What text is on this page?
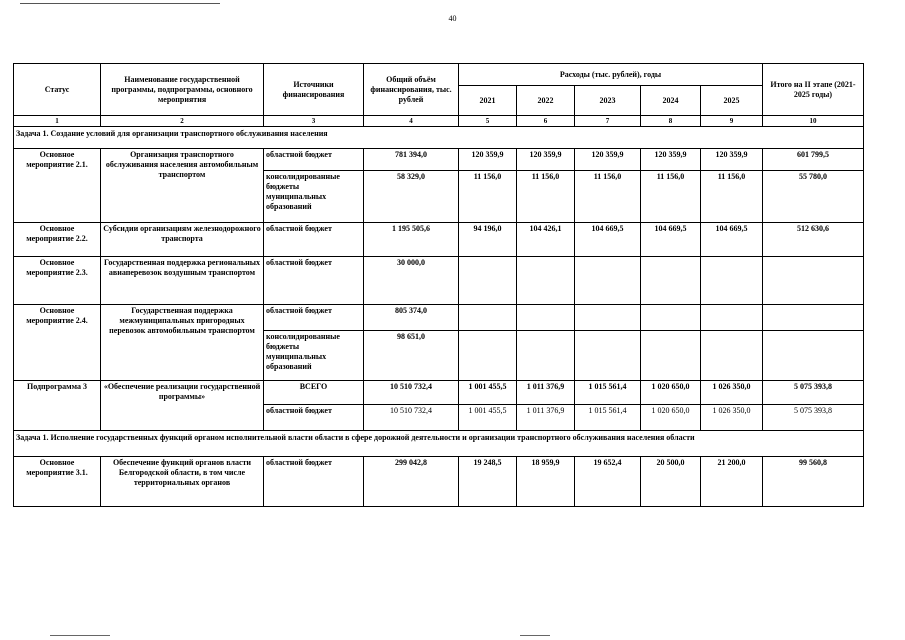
40
Статус	Наименование государственной программы, подпрограммы, основного мероприятия	Источники финансирования	Общий объём финансирования, тыс. рублей	Расходы (тыс. рублей), годы					Итого на II этапе (2021-2025 годы)
				2021	2022	2023	2024	2025	
1	2	3	4	5	6	7	8	9	10
Задача 1. Создание условий для организации транспортного обслуживания населения									
Основное мероприятие 2.1.	Организация транспортного обслуживания населения автомобильным транспортом	областной бюджет	781 394,0	120 359,9	120 359,9	120 359,9	120 359,9	120 359,9	601 799,5
		консолидированные бюджеты муниципальных образований	58 329,0	11 156,0	11 156,0	11 156,0	11 156,0	11 156,0	55 780,0
Основное мероприятие 2.2.	Субсидии организациям железнодорожного транспорта	областной бюджет	1 195 505,6	94 196,0	104 426,1	104 669,5	104 669,5	104 669,5	512 630,6
Основное мероприятие 2.3.	Государственная поддержка региональных авиаперевозок воздушным транспортом	областной бюджет	30 000,0						
Основное мероприятие 2.4.	Государственная поддержка межмуниципальных пригородных перевозок автомобильным транспортом	областной бюджет	805 374,0						
		консолидированные бюджеты муниципальных образований	98 651,0						
Подпрограмма 3	«Обеспечение реализации государственной программы»	ВСЕГО	10 510 732,4	1 001 455,5	1 011 376,9	1 015 561,4	1 020 650,0	1 026 350,0	5 075 393,8
		областной бюджет	10 510 732,4	1 001 455,5	1 011 376,9	1 015 561,4	1 020 650,0	1 026 350,0	5 075 393,8
Задача 1. Исполнение государственных функций органом исполнительной власти области в сфере дорожной деятельности и организации транспортного обслуживания населения области									
Основное мероприятие 3.1.	Обеспечение функций органов власти Белгородской области, в том числе территориальных органов	областной бюджет	299 042,8	19 248,5	18 959,9	19 652,4	20 500,0	21 200,0	99 560,8
